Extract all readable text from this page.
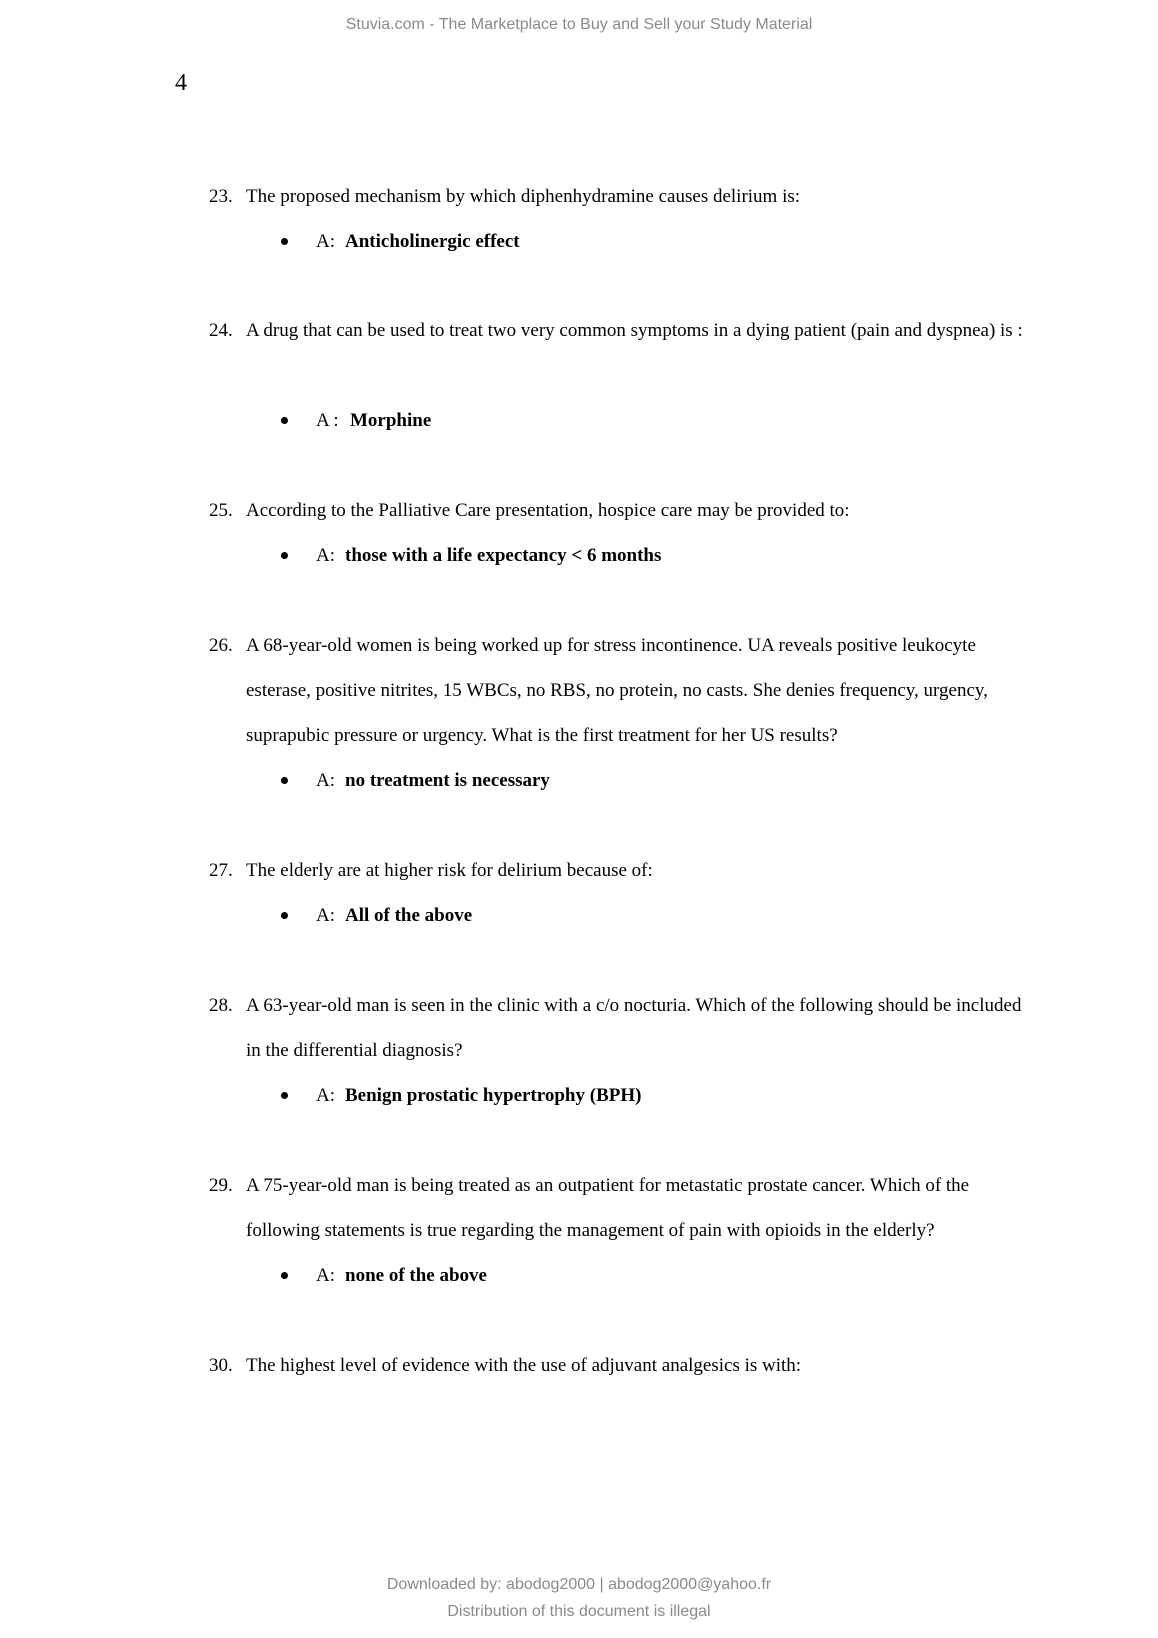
Stuvia.com - The Marketplace to Buy and Sell your Study Material
4
23. The proposed mechanism by which diphenhydramine causes delirium is:
A: Anticholinergic effect
24. A drug that can be used to treat two very common symptoms in a dying patient (pain and dyspnea) is :
A : Morphine
25. According to the Palliative Care presentation, hospice care may be provided to:
A: those with a life expectancy < 6 months
26. A 68-year-old women is being worked up for stress incontinence. UA reveals positive leukocyte esterase, positive nitrites, 15 WBCs, no RBS, no protein, no casts. She denies frequency, urgency, suprapubic pressure or urgency. What is the first treatment for her US results?
A: no treatment is necessary
27. The elderly are at higher risk for delirium because of:
A: All of the above
28. A 63-year-old man is seen in the clinic with a c/o nocturia. Which of the following should be included in the differential diagnosis?
A: Benign prostatic hypertrophy (BPH)
29. A 75-year-old man is being treated as an outpatient for metastatic prostate cancer. Which of the following statements is true regarding the management of pain with opioids in the elderly?
A: none of the above
30. The highest level of evidence with the use of adjuvant analgesics is with:
Downloaded by: abodog2000 | abodog2000@yahoo.fr
Distribution of this document is illegal
